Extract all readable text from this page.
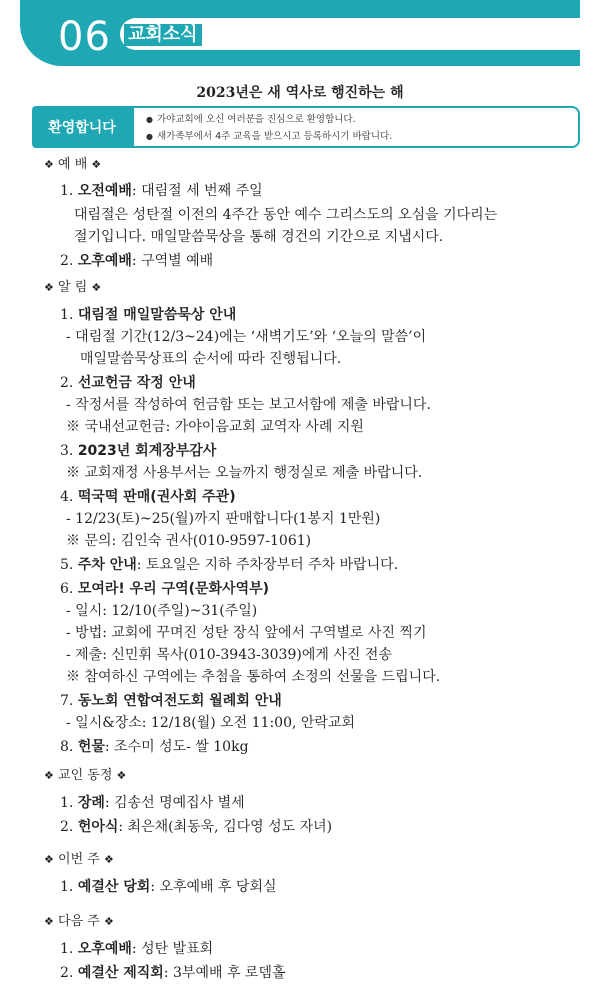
06 교회소식
2023년은 새 역사로 행진하는 해
환영합니다
● 가야교회에 오신 여러분을 진심으로 환영합니다.
● 새가족부에서 4주 교육을 받으시고 등록하시기 바랍니다.
❖ 예 배 ❖
1. 오전예배: 대림절 세 번째 주일
대림절은 성탄절 이전의 4주간 동안 예수 그리스도의 오심을 기다리는
절기입니다. 매일말씀묵상을 통해 경건의 기간으로 지냅시다.
2. 오후예배: 구역별 예배
❖ 알 림 ❖
1. 대림절 매일말씀묵상 안내
- 대림절 기간(12/3~24)에는 ‘새벽기도’와 ‘오늘의 말씀’이
매일말씀묵상표의 순서에 따라 진행됩니다.
2. 선교헌금 작정 안내
- 작정서를 작성하여 헌금함 또는 보고서함에 제출 바랍니다.
※ 국내선교헌금: 가야이음교회 교역자 사례 지원
3. 2023년 회계장부감사
※ 교회재정 사용부서는 오늘까지 행정실로 제출 바랍니다.
4. 떡국떡 판매(권사회 주관)
- 12/23(토)~25(월)까지 판매합니다(1봉지 1만원)
※ 문의: 김인숙 권사(010-9597-1061)
5. 주차 안내: 토요일은 지하 주차장부터 주차 바랍니다.
6. 모여라! 우리 구역(문화사역부)
- 일시: 12/10(주일)~31(주일)
- 방법: 교회에 꾸며진 성탄 장식 앞에서 구역별로 사진 찍기
- 제출: 신민휘 목사(010-3943-3039)에게 사진 전송
※ 참여하신 구역에는 추첨을 통하여 소정의 선물을 드립니다.
7. 동노회 연합여전도회 월례회 안내
- 일시&장소: 12/18(월) 오전 11:00, 안락교회
8. 헌물: 조수미 성도- 쌀 10kg
❖ 교인 동정 ❖
1. 장례: 김송선 명예집사 별세
2. 헌아식: 최은채(최동욱, 김다영 성도 자녀)
❖ 이번 주 ❖
1. 예결산 당회: 오후예배 후 당회실
❖ 다음 주 ❖
1. 오후예배: 성탄 발표회
2. 예결산 제직회: 3부예배 후 로뎀홀
